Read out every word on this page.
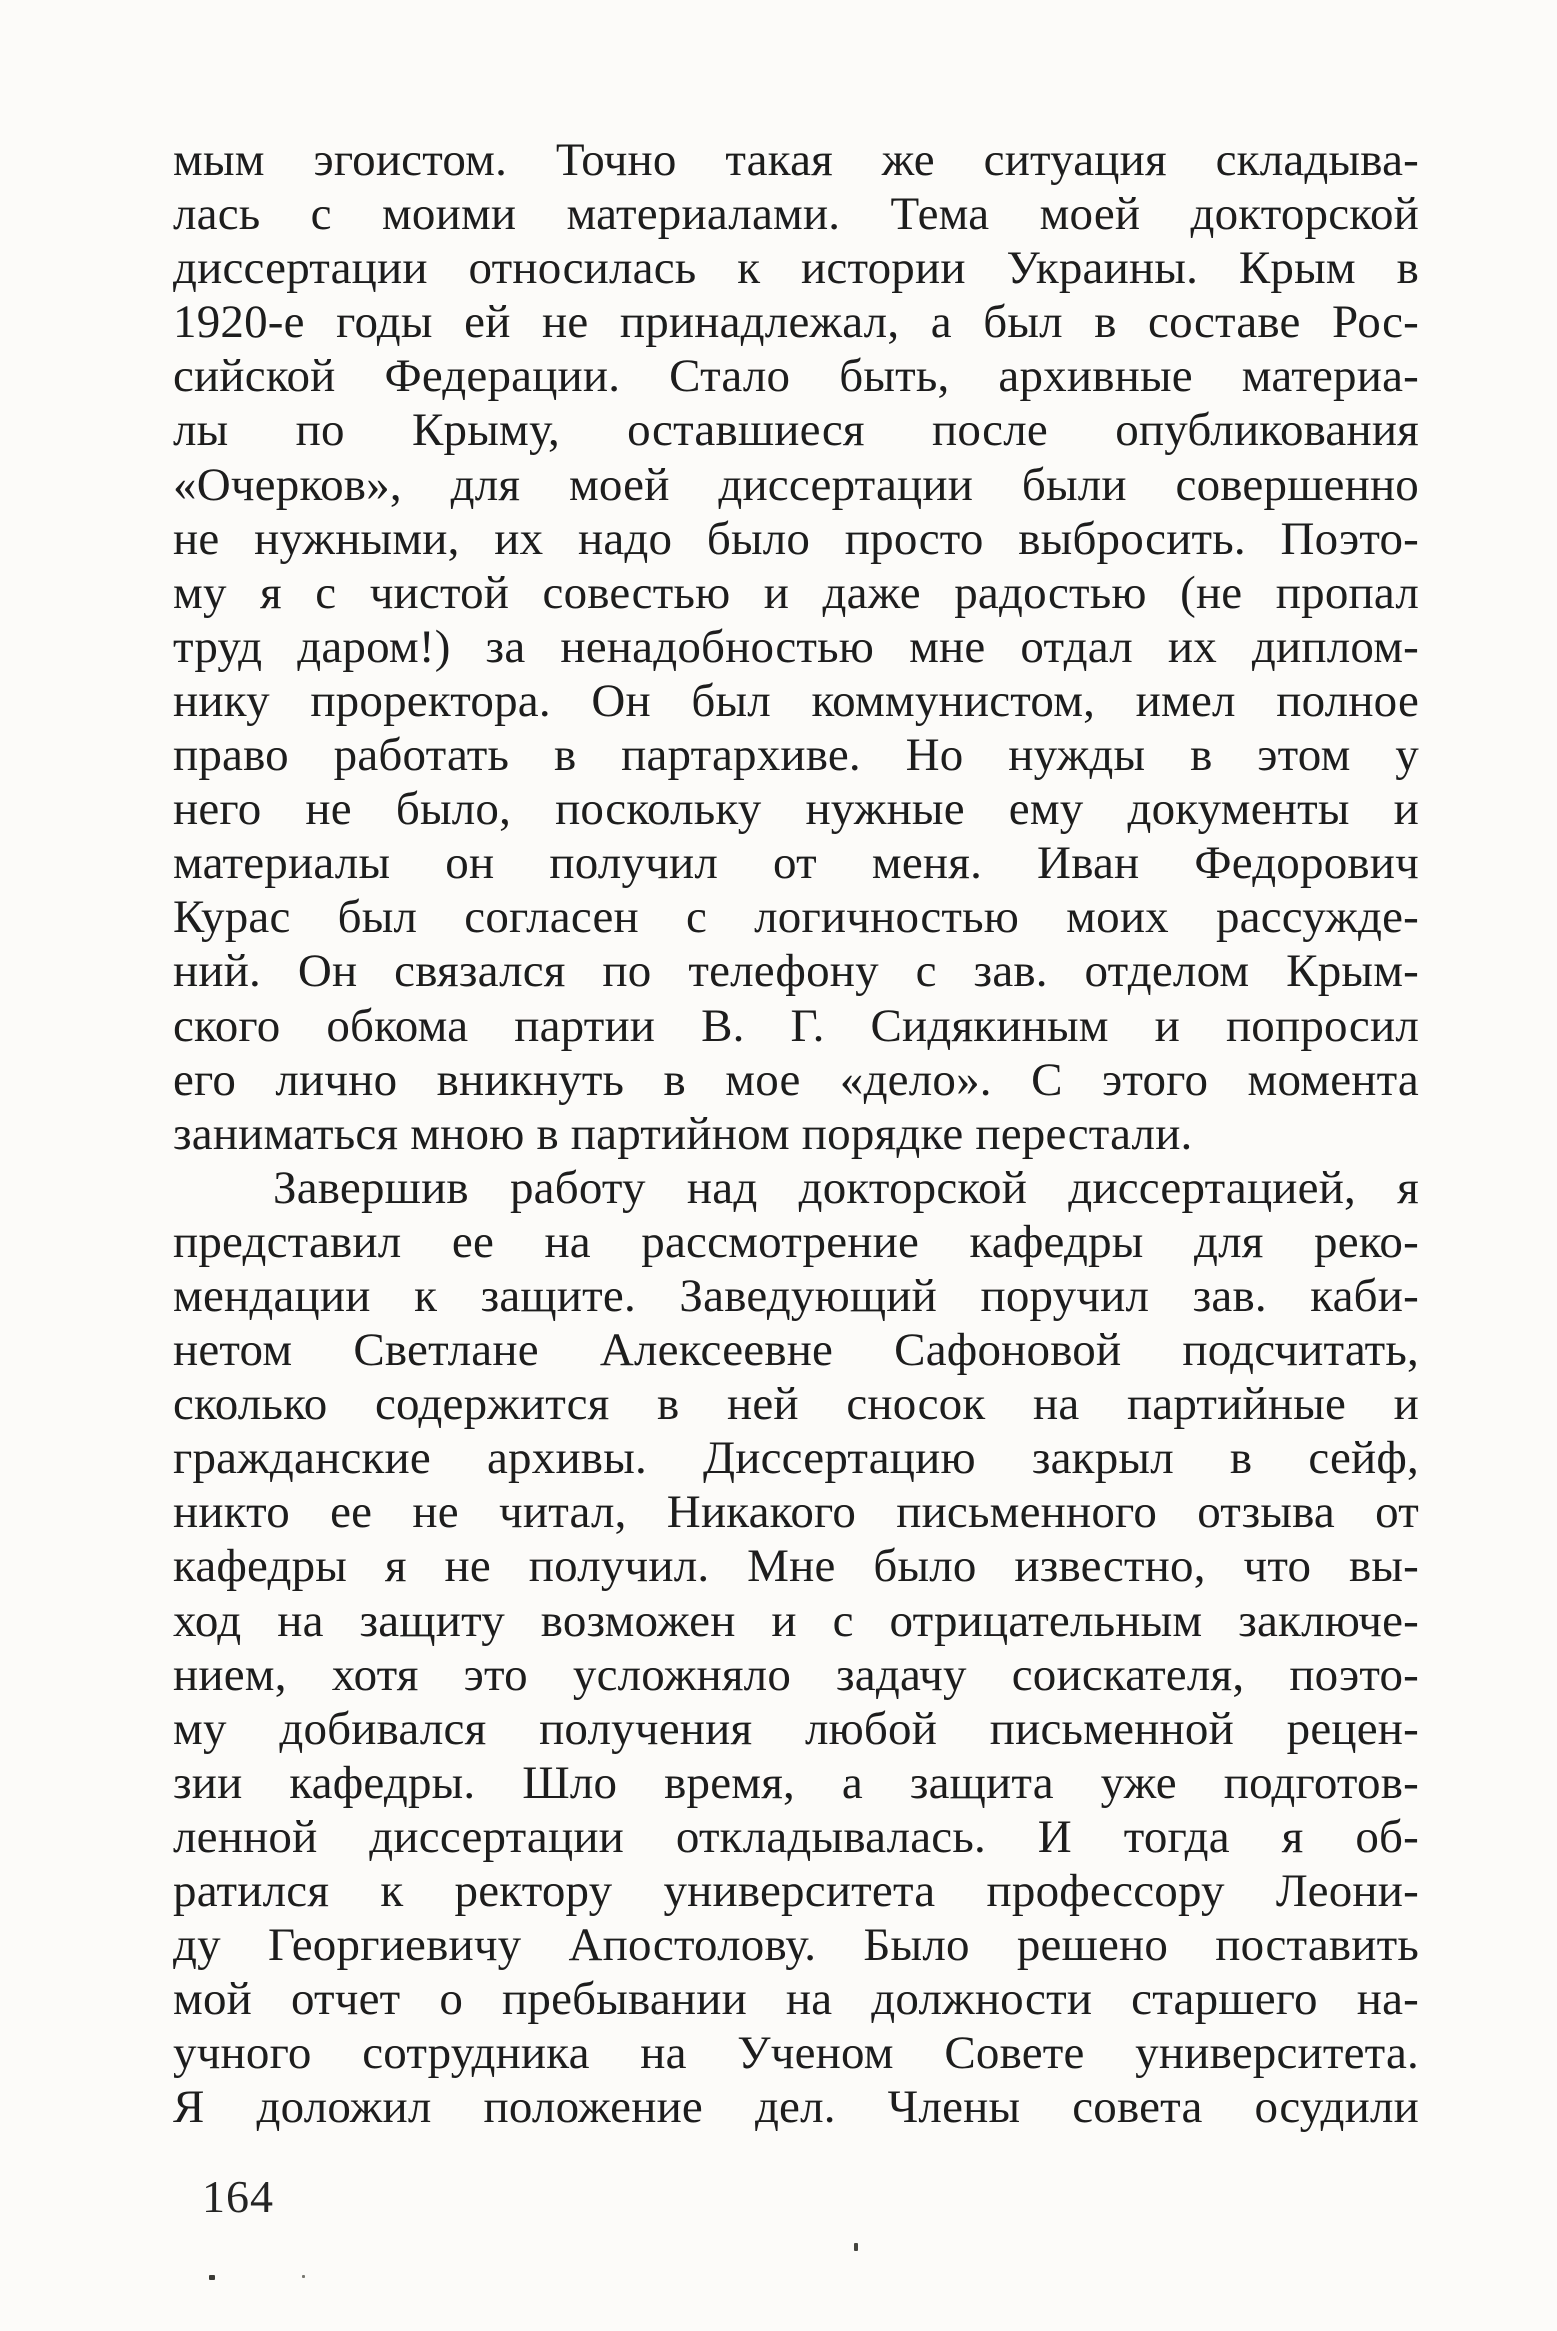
мым эгоистом. Точно такая же ситуация складыва-
лась с моими материалами. Тема моей докторской
диссертации относилась к истории Украины. Крым в
1920-е годы ей не принадлежал, а был в составе Рос-
сийской Федерации. Стало быть, архивные материа-
лы по Крыму, оставшиеся после опубликования
«Очерков», для моей диссертации были совершенно
не нужными, их надо было просто выбросить. Поэто-
му я с чистой совестью и даже радостью (не пропал
труд даром!) за ненадобностью мне отдал их диплом-
нику проректора. Он был коммунистом, имел полное
право работать в партархиве. Но нужды в этом у
него не было, поскольку нужные ему документы и
материалы он получил от меня. Иван Федорович
Курас был согласен с логичностью моих рассужде-
ний. Он связался по телефону с зав. отделом Крым-
ского обкома партии В. Г. Сидякиным и попросил
его лично вникнуть в мое «дело». С этого момента
заниматься мною в партийном порядке перестали.
Завершив работу над докторской диссертацией, я
представил ее на рассмотрение кафедры для реко-
мендации к защите. Заведующий поручил зав. каби-
нетом Светлане Алексеевне Сафоновой подсчитать,
сколько содержится в ней сносок на партийные и
гражданские архивы. Диссертацию закрыл в сейф,
никто ее не читал, Никакого письменного отзыва от
кафедры я не получил. Мне было известно, что вы-
ход на защиту возможен и с отрицательным заключе-
нием, хотя это усложняло задачу соискателя, поэто-
му добивался получения любой письменной рецен-
зии кафедры. Шло время, а защита уже подготов-
ленной диссертации откладывалась. И тогда я об-
ратился к ректору университета профессору Леони-
ду Георгиевичу Апостолову. Было решено поставить
мой отчет о пребывании на должности старшего на-
учного сотрудника на Ученом Совете университета.
Я доложил положение дел. Члены совета осудили
164
